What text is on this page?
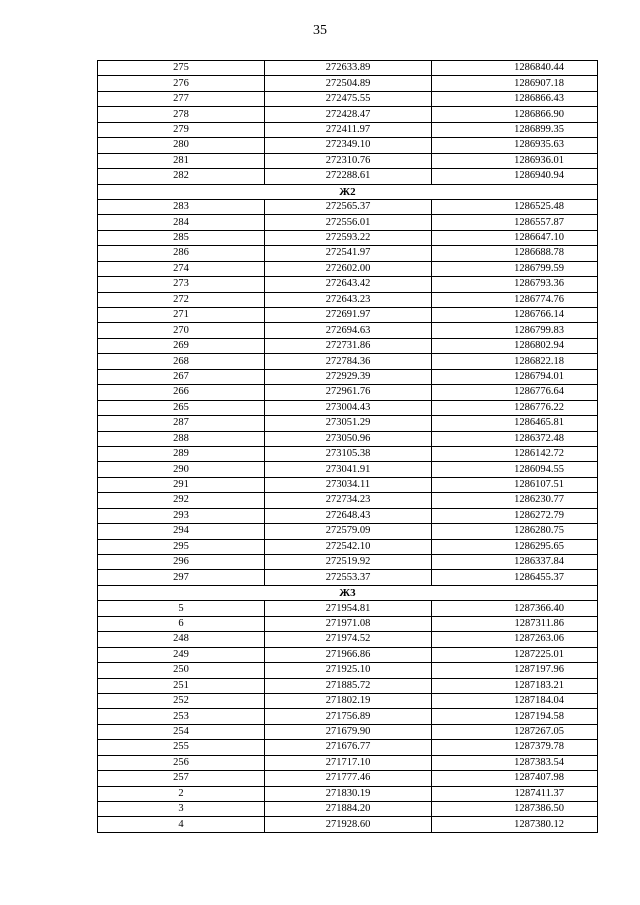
35
275	272633.89	1286840.44
276	272504.89	1286907.18
277	272475.55	1286866.43
278	272428.47	1286866.90
279	272411.97	1286899.35
280	272349.10	1286935.63
281	272310.76	1286936.01
282	272288.61	1286940.94
Ж2		
283	272565.37	1286525.48
284	272556.01	1286557.87
285	272593.22	1286647.10
286	272541.97	1286688.78
274	272602.00	1286799.59
273	272643.42	1286793.36
272	272643.23	1286774.76
271	272691.97	1286766.14
270	272694.63	1286799.83
269	272731.86	1286802.94
268	272784.36	1286822.18
267	272929.39	1286794.01
266	272961.76	1286776.64
265	273004.43	1286776.22
287	273051.29	1286465.81
288	273050.96	1286372.48
289	273105.38	1286142.72
290	273041.91	1286094.55
291	273034.11	1286107.51
292	272734.23	1286230.77
293	272648.43	1286272.79
294	272579.09	1286280.75
295	272542.10	1286295.65
296	272519.92	1286337.84
297	272553.37	1286455.37
Ж3		
5	271954.81	1287366.40
6	271971.08	1287311.86
248	271974.52	1287263.06
249	271966.86	1287225.01
250	271925.10	1287197.96
251	271885.72	1287183.21
252	271802.19	1287184.04
253	271756.89	1287194.58
254	271679.90	1287267.05
255	271676.77	1287379.78
256	271717.10	1287383.54
257	271777.46	1287407.98
2	271830.19	1287411.37
3	271884.20	1287386.50
4	271928.60	1287380.12
